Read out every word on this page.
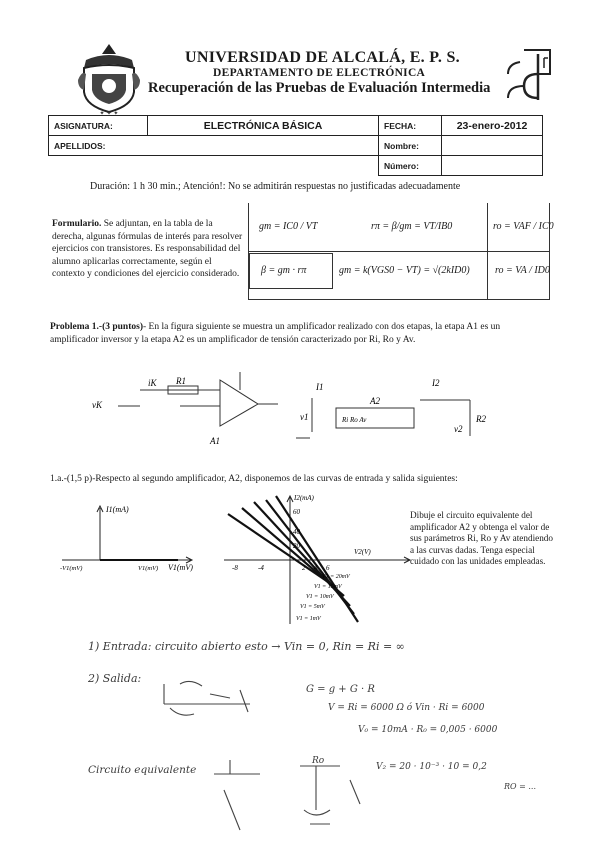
✦ ✦ ✦
UNIVERSIDAD DE ALCALÁ, E. P. S.
DEPARTAMENTO DE ELECTRÓNICA
Recuperación de las Pruebas de Evaluación Intermedia
ASIGNATURA:	ELECTRÓNICA BÁSICA	FECHA:	23-enero-2012
APELLIDOS:		Nombre:	
		Número:	
Duración: 1 h 30 min.; Atención!: No se admitirán respuestas no justificadas adecuadamente
Formulario. Se adjuntan, en la tabla de la derecha, algunas fórmulas de interés para resolver ejercicios con transistores. Es responsabilidad del alumno aplicarlas correctamente, según el contexto y condiciones del ejercicio considerado.
gm = IC0 / VT	rπ = β/gm = VT/IB0	ro = VAF / IC0
β = gm · rπ	gm = k(VGS0 − VT) = √(2kID0)	ro = VA / ID0
Problema 1.-(3 puntos)- En la figura siguiente se muestra un amplificador realizado con dos etapas, la etapa A1 es un amplificador inversor y la etapa A2 es un amplificador de tensión caracterizado por Ri, Ro y Av.
vK
iK R1
A1
I1
v1
A2
Ri Ro Av
I2
v2
R2
1.a.-(1,5 p)-Respecto al segundo amplificador, A2, disponemos de las curvas de entrada y salida siguientes:
I1(mA)
-V1(mV)	V1(mV) V1(mV)
I2(mA)
V2(V)
60
40
20
-8	-4	2 4 6
V1 = 20mV
V1 = 15mV
V1 = 10mV
V1 = 5mV
V1 = 1mV
Dibuje el circuito equivalente del amplificador A2 y obtenga el valor de sus parámetros Ri, Ro y Av atendiendo a las curvas dadas. Tenga especial cuidado con las unidades empleadas.
1) Entrada: circuito abierto esto → Vin = 0, Rin = Ri = ∞
2) Salida:
G = g + G · R
V = Ri = 6000 Ω ó Vin · Ri = 6000
V₀ = 10mA · R₀ = 0,005 · 6000
Circuito equivalente
Ro
V₂ = 20 · 10⁻³ · 10 = 0,2
RO = ...
